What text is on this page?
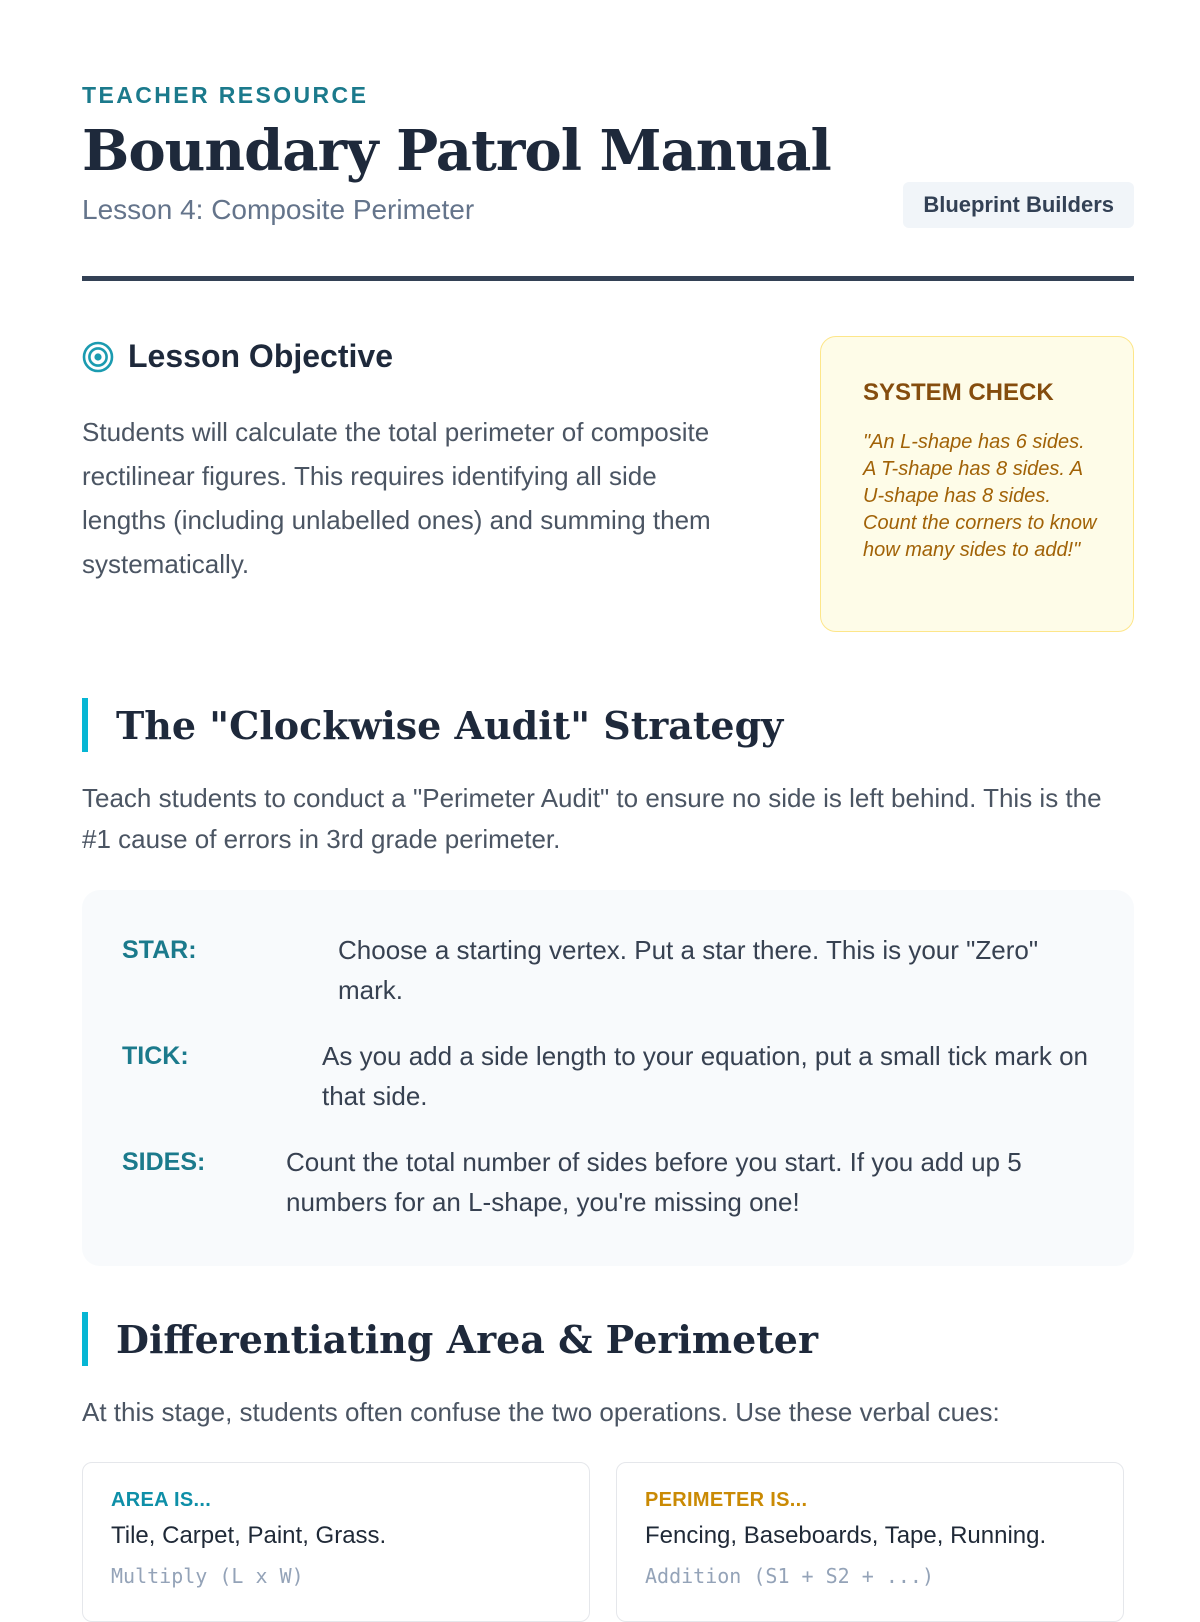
TEACHER RESOURCE
Boundary Patrol Manual
Lesson 4: Composite Perimeter	Blueprint Builders
Lesson Objective
Students will calculate the total perimeter of composite rectilinear figures. This requires identifying all side lengths (including unlabelled ones) and summing them systematically.
SYSTEM CHECK
"An L-shape has 6 sides. A T-shape has 8 sides. A U-shape has 8 sides. Count the corners to know how many sides to add!"
The "Clockwise Audit" Strategy
Teach students to conduct a "Perimeter Audit" to ensure no side is left behind. This is the #1 cause of errors in 3rd grade perimeter.
STAR:	Choose a starting vertex. Put a star there. This is your "Zero" mark.
TICK:	As you add a side length to your equation, put a small tick mark on that side.
SIDES:	Count the total number of sides before you start. If you add up 5 numbers for an L-shape, you're missing one!
Differentiating Area & Perimeter
At this stage, students often confuse the two operations. Use these verbal cues:
AREA IS...
Tile, Carpet, Paint, Grass.
Multiply (L x W)
PERIMETER IS...
Fencing, Baseboards, Tape, Running.
Addition (S1 + S2 + ...)
